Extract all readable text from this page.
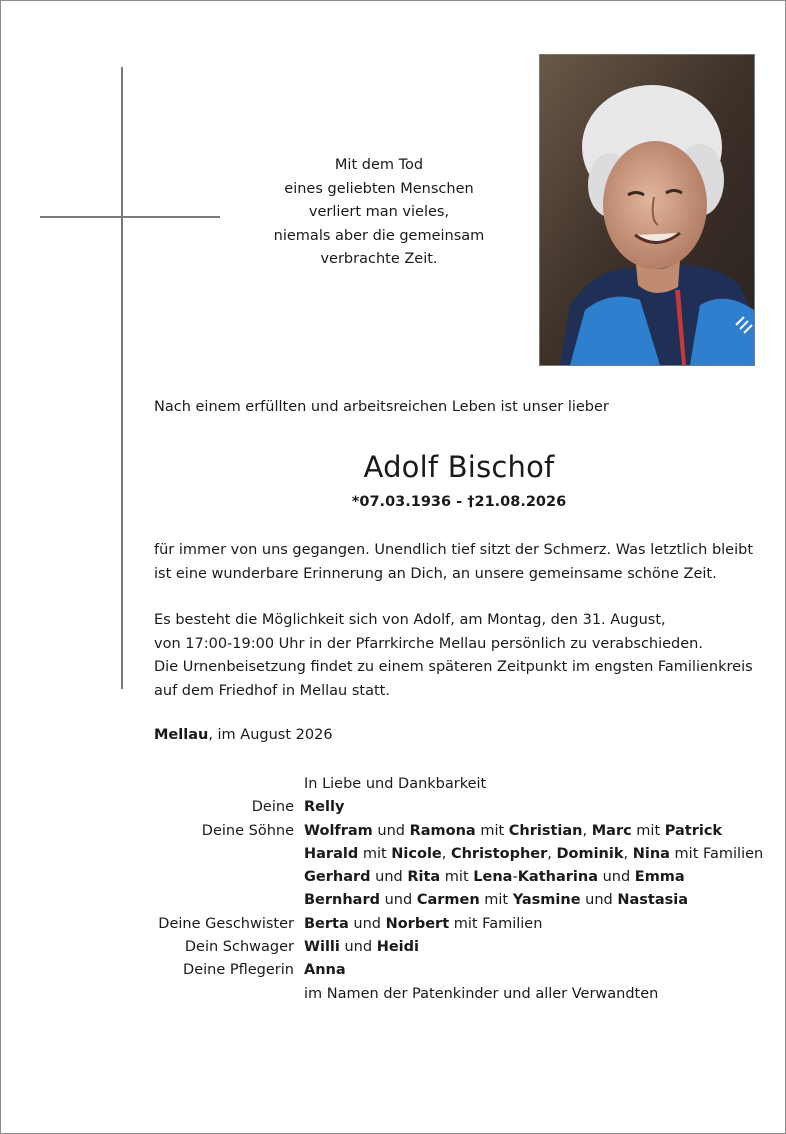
Mit dem Tod
eines geliebten Menschen
verliert man vieles,
niemals aber die gemeinsam
verbrachte Zeit.
Nach einem erfüllten und arbeitsreichen Leben ist unser lieber
Adolf Bischof
*07.03.1936 - †21.08.2026
für immer von uns gegangen. Unendlich tief sitzt der Schmerz. Was letztlich bleibt
ist eine wunderbare Erinnerung an Dich, an unsere gemeinsame schöne Zeit.
Es besteht die Möglichkeit sich von Adolf, am Montag, den 31. August,
von 17:00-19:00 Uhr in der Pfarrkirche Mellau persönlich zu verabschieden.
Die Urnenbeisetzung findet zu einem späteren Zeitpunkt im engsten Familienkreis
auf dem Friedhof in Mellau statt.
Mellau, im August 2026
In Liebe und Dankbarkeit
Deine Relly
Deine Söhne Wolfram und Ramona mit Christian, Marc mit Patrick
Harald mit Nicole, Christopher, Dominik, Nina mit Familien
Gerhard und Rita mit Lena-Katharina und Emma
Bernhard und Carmen mit Yasmine und Nastasia
Deine Geschwister Berta und Norbert mit Familien
Dein Schwager Willi und Heidi
Deine Pflegerin Anna
im Namen der Patenkinder und aller Verwandten
